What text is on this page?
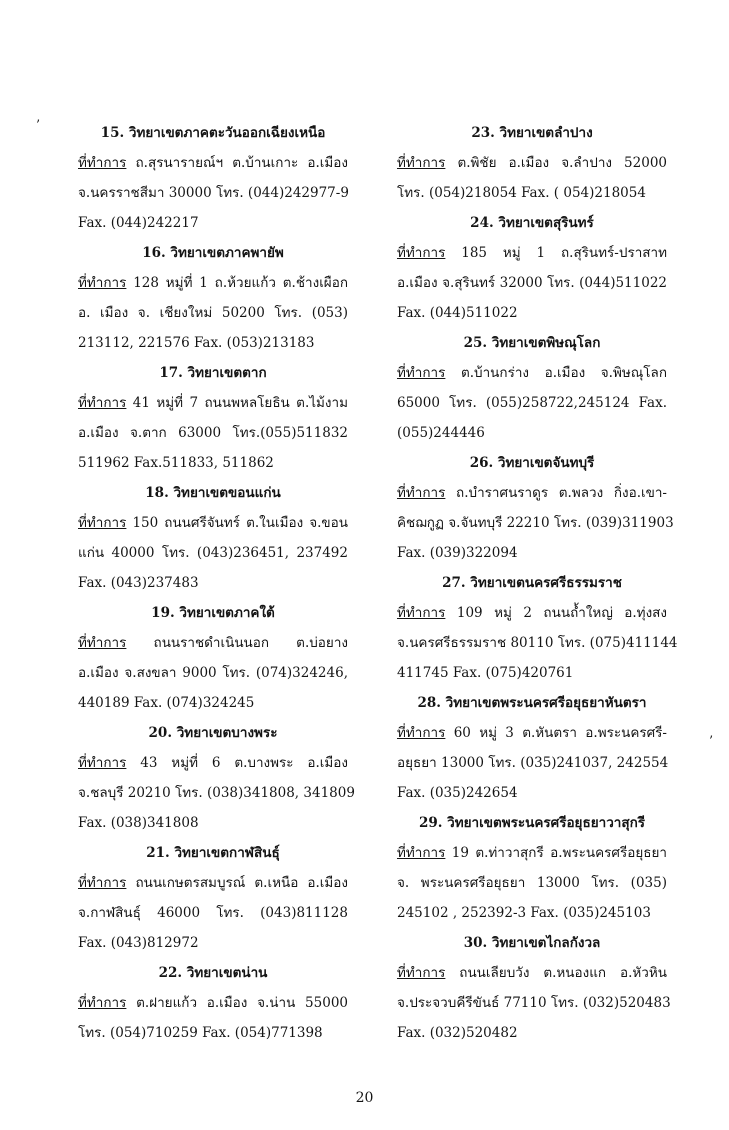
’
’
15. วิทยาเขตภาคตะวันออกเฉียงเหนือ
ที่ทำการ ถ.สุรนารายณ์ฯ ต.บ้านเกาะ อ.เมือง
จ.นครราชสีมา 30000 โทร. (044)242977-9
Fax. (044)242217
16. วิทยาเขตภาคพายัพ
ที่ทำการ 128 หมู่ที่ 1 ถ.ห้วยแก้ว ต.ช้างเผือก
อ. เมือง จ. เชียงใหม่ 50200 โทร. (053)
213112, 221576 Fax. (053)213183
17. วิทยาเขตตาก
ที่ทำการ 41 หมู่ที่ 7 ถนนพหลโยธิน ต.ไม้งาม
อ.เมือง จ.ตาก 63000 โทร.(055)511832
511962 Fax.511833, 511862
18. วิทยาเขตขอนแก่น
ที่ทำการ 150 ถนนศรีจันทร์ ต.ในเมือง จ.ขอน
แก่น 40000 โทร. (043)236451, 237492
Fax. (043)237483
19. วิทยาเขตภาคใต้
ที่ทำการ ถนนราชดำเนินนอก ต.บ่อยาง
อ.เมือง จ.สงขลา 9000 โทร. (074)324246,
440189 Fax. (074)324245
20. วิทยาเขตบางพระ
ที่ทำการ 43 หมู่ที่ 6 ต.บางพระ อ.เมือง
จ.ชลบุรี 20210 โทร. (038)341808, 341809
Fax. (038)341808
21. วิทยาเขตกาฬสินธุ์
ที่ทำการ ถนนเกษตรสมบูรณ์ ต.เหนือ อ.เมือง
จ.กาฬสินธุ์ 46000 โทร. (043)811128
Fax. (043)812972
22. วิทยาเขตน่าน
ที่ทำการ ต.ฝายแก้ว อ.เมือง จ.น่าน 55000
โทร. (054)710259 Fax. (054)771398
23. วิทยาเขตลำปาง
ที่ทำการ ต.พิชัย อ.เมือง จ.ลำปาง 52000
โทร. (054)218054 Fax. ( 054)218054
24. วิทยาเขตสุรินทร์
ที่ทำการ 185 หมู่ 1 ถ.สุรินทร์-ปราสาท
อ.เมือง จ.สุรินทร์ 32000 โทร. (044)511022
Fax. (044)511022
25. วิทยาเขตพิษณุโลก
ที่ทำการ ต.บ้านกร่าง อ.เมือง จ.พิษณุโลก
65000 โทร. (055)258722,245124 Fax.
(055)244446
26. วิทยาเขตจันทบุรี
ที่ทำการ ถ.บำราศนราดูร ต.พลวง กิ่งอ.เขา-
คิชฌกูฏ จ.จันทบุรี 22210 โทร. (039)311903
Fax. (039)322094
27. วิทยาเขตนครศรีธรรมราช
ที่ทำการ 109 หมู่ 2 ถนนถ้ำใหญ่ อ.ทุ่งสง
จ.นครศรีธรรมราช 80110 โทร. (075)411144
411745 Fax. (075)420761
28. วิทยาเขตพระนครศรีอยุธยาหันตรา
ที่ทำการ 60 หมู่ 3 ต.หันตรา อ.พระนครศรี-
อยุธยา 13000 โทร. (035)241037, 242554
Fax. (035)242654
29. วิทยาเขตพระนครศรีอยุธยาวาสุกรี
ที่ทำการ 19 ต.ท่าวาสุกรี อ.พระนครศรีอยุธยา
จ. พระนครศรีอยุธยา 13000 โทร. (035)
245102 , 252392-3 Fax. (035)245103
30. วิทยาเขตไกลกังวล
ที่ทำการ ถนนเลียบวัง ต.หนองแก อ.หัวหิน
จ.ประจวบคีรีขันธ์ 77110 โทร. (032)520483
Fax. (032)520482
20
